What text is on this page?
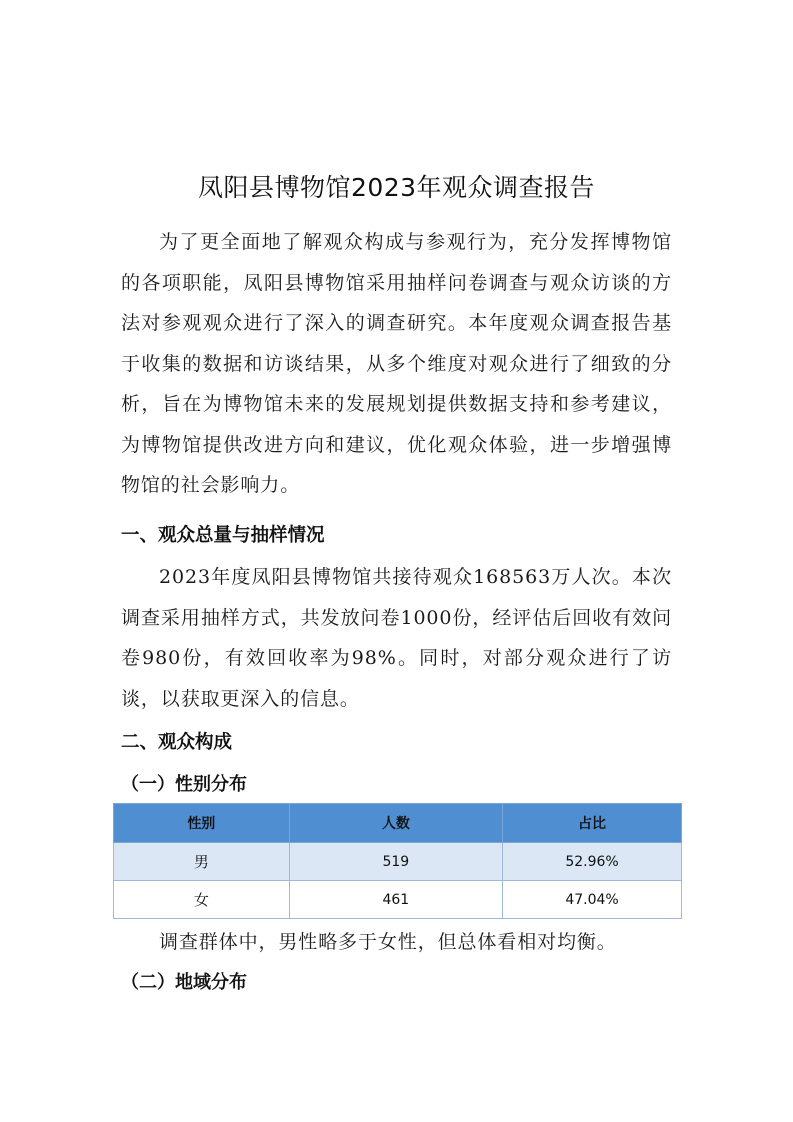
凤阳县博物馆2023年观众调查报告

为了更全面地了解观众构成与参观行为，充分发挥博物馆的各项职能，凤阳县博物馆采用抽样问卷调查与观众访谈的方法对参观观众进行了深入的调查研究。本年度观众调查报告基于收集的数据和访谈结果，从多个维度对观众进行了细致的分析，旨在为博物馆未来的发展规划提供数据支持和参考建议，为博物馆提供改进方向和建议，优化观众体验，进一步增强博物馆的社会影响力。

一、观众总量与抽样情况

2023年度凤阳县博物馆共接待观众168563万人次。本次调查采用抽样方式，共发放问卷1000份，经评估后回收有效问卷980份，有效回收率为98%。同时，对部分观众进行了访谈，以获取更深入的信息。

二、观众构成
（一）性别分布
性别	人数	占比
男	519	52.96%
女	461	47.04%

调查群体中，男性略多于女性，但总体看相对均衡。

（二）地域分布
